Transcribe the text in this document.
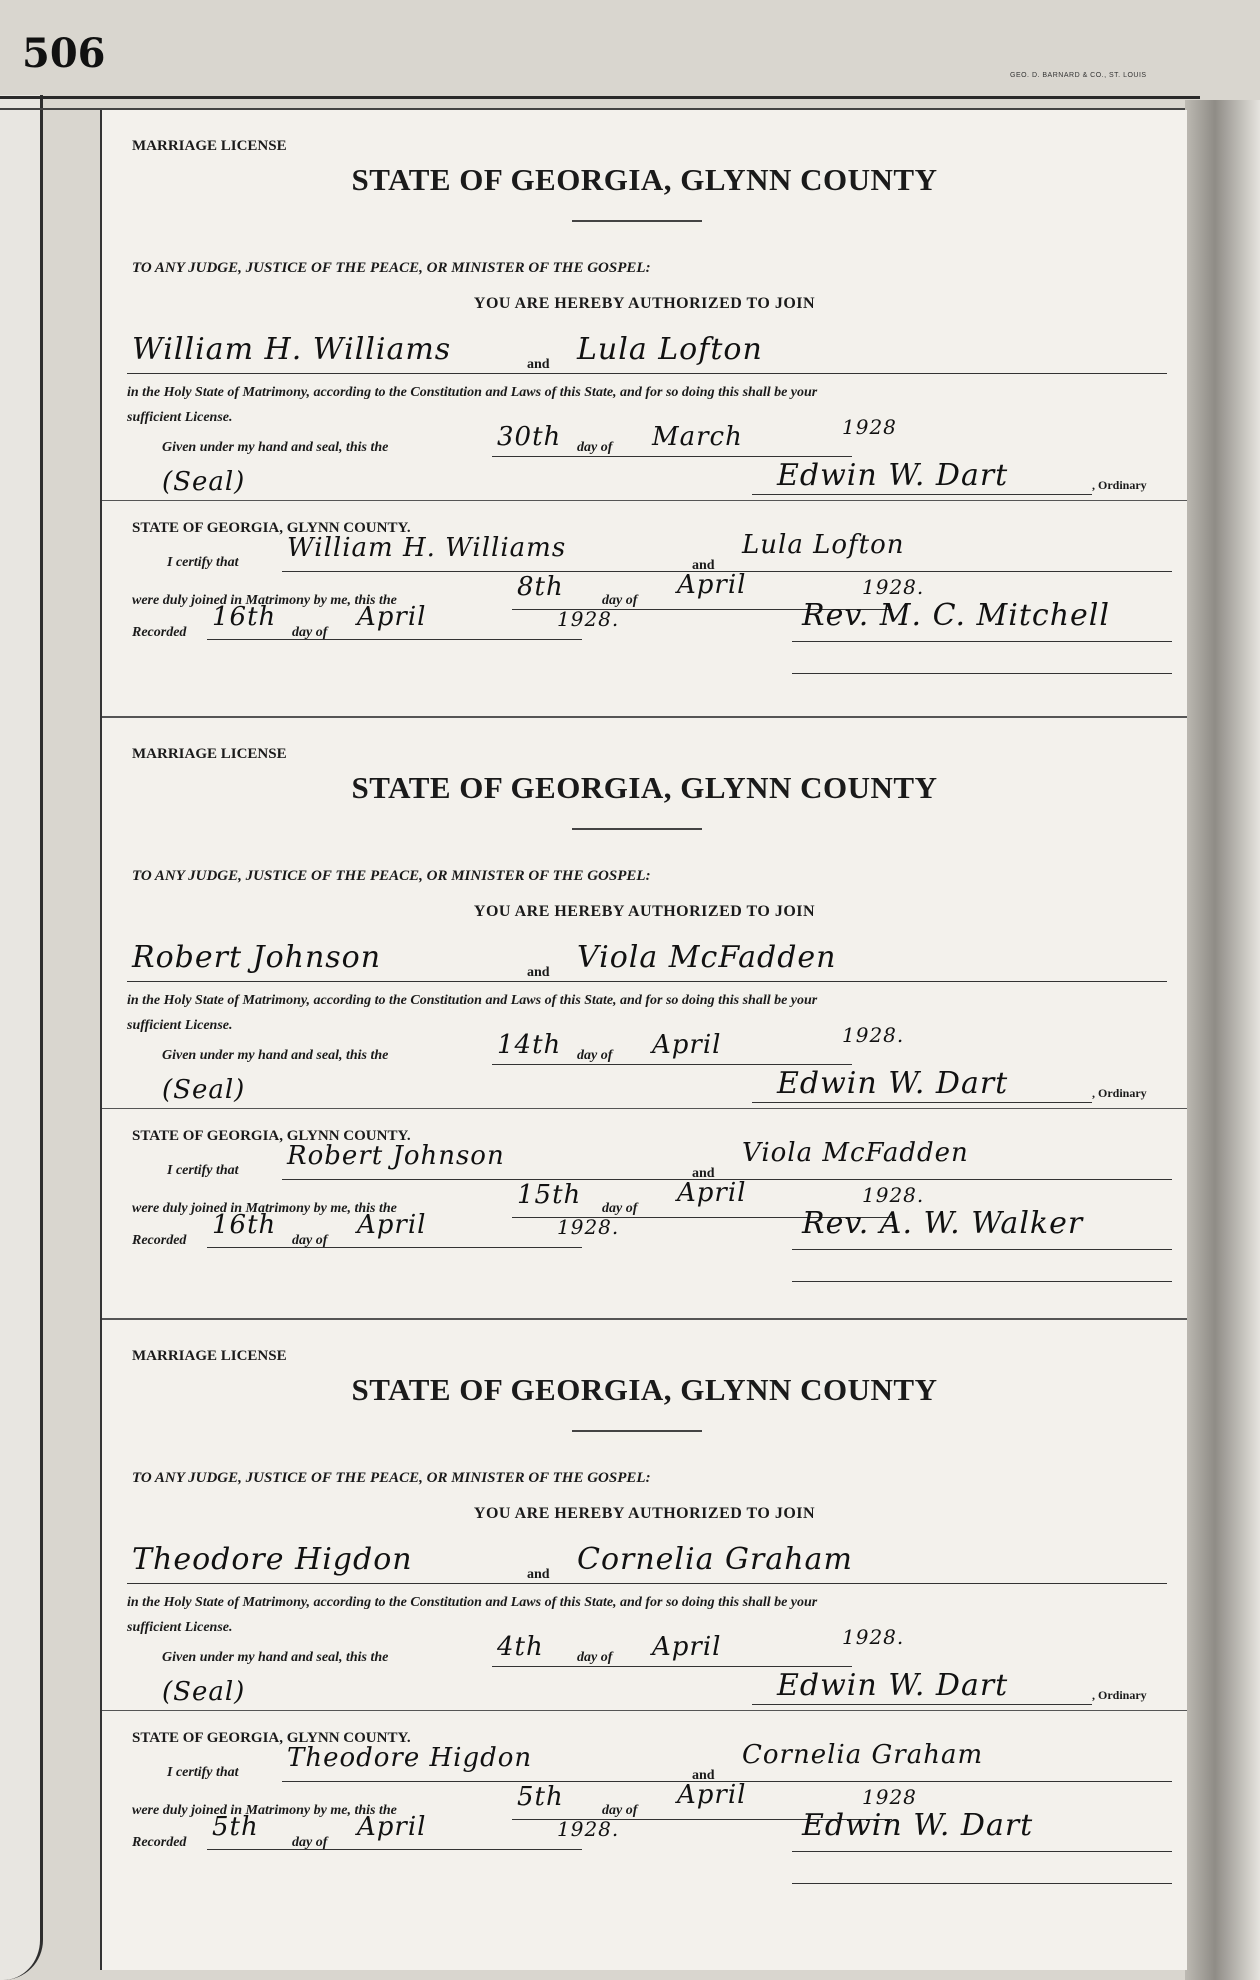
506	GEO. D. BARNARD & CO., ST. LOUIS
MARRIAGE LICENSE
STATE OF GEORGIA, GLYNN COUNTY
TO ANY JUDGE, JUSTICE OF THE PEACE, OR MINISTER OF THE GOSPEL:
YOU ARE HEREBY AUTHORIZED TO JOIN
William H. Williams	and Lula Lofton
in the Holy State of Matrimony, according to the Constitution and Laws of this State, and for so doing this shall be your
sufficient License.
Given under my hand and seal, this the	30th day of March	1928
(Seal)	Edwin W. Dart	, Ordinary
STATE OF GEORGIA, GLYNN COUNTY.
I certify that William H. Williams
and
Lula Lofton
were duly joined in Matrimony by me, this the	8th	day of
April	1928.
Recorded
16th
day of
April	1928.	Rev. M. C. Mitchell
MARRIAGE LICENSE
STATE OF GEORGIA, GLYNN COUNTY
TO ANY JUDGE, JUSTICE OF THE PEACE, OR MINISTER OF THE GOSPEL:
YOU ARE HEREBY AUTHORIZED TO JOIN
Robert Johnson	and Viola McFadden
in the Holy State of Matrimony, according to the Constitution and Laws of this State, and for so doing this shall be your
sufficient License.
Given under my hand and seal, this the	14th day of April	1928.
(Seal)	Edwin W. Dart	, Ordinary
STATE OF GEORGIA, GLYNN COUNTY.
I certify that Robert Johnson
and
Viola McFadden
were duly joined in Matrimony by me, this the	15th day of
April	1928.
Recorded
16th
day of
April	1928.	Rev. A. W. Walker
MARRIAGE LICENSE
STATE OF GEORGIA, GLYNN COUNTY
TO ANY JUDGE, JUSTICE OF THE PEACE, OR MINISTER OF THE GOSPEL:
YOU ARE HEREBY AUTHORIZED TO JOIN
Theodore Higdon	and Cornelia Graham
in the Holy State of Matrimony, according to the Constitution and Laws of this State, and for so doing this shall be your
sufficient License.
Given under my hand and seal, this the	4th day of April	1928.
(Seal)	Edwin W. Dart	, Ordinary
STATE OF GEORGIA, GLYNN COUNTY.
I certify that Theodore Higdon
and
Cornelia Graham
were duly joined in Matrimony by me, this the	5th	day of
April	1928
Recorded
5th
day of
April	1928.	Edwin W. Dart
